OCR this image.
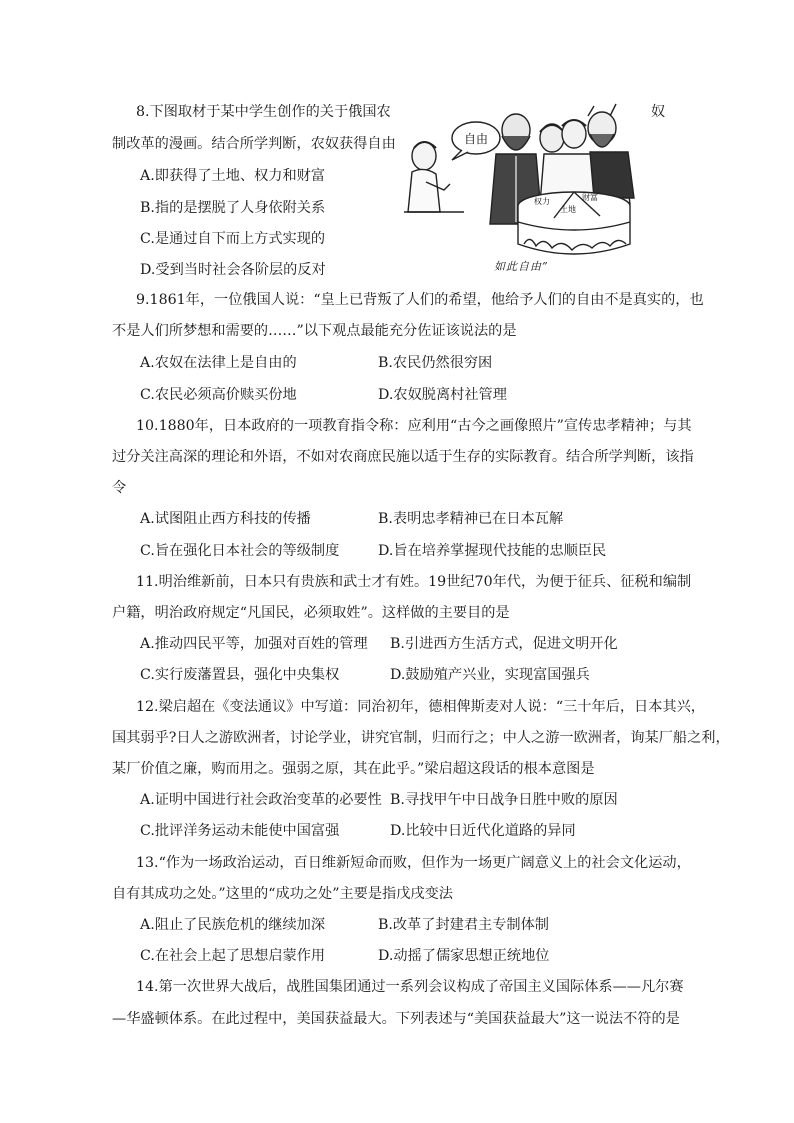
8.下图取材于某中学生创作的关于俄国农	奴
制改革的漫画。结合所学判断，农奴获得自由
A.即获得了土地、权力和财富
B.指的是摆脱了人身依附关系
C.是通过自下而上方式实现的
D.受到当时社会各阶层的反对
自由
权力	财富
土地
如此自由”
9.1861年，一位俄国人说：“皇上已背叛了人们的希望，他给予人们的自由不是真实的，也
不是人们所梦想和需要的……”以下观点最能充分佐证该说法的是
A.农奴在法律上是自由的	B.农民仍然很穷困
C.农民必须高价赎买份地	D.农奴脱离村社管理
10.1880年，日本政府的一项教育指令称：应利用“古今之画像照片”宣传忠孝精神；与其
过分关注高深的理论和外语，不如对农商庶民施以适于生存的实际教育。结合所学判断，该指
令
A.试图阻止西方科技的传播	B.表明忠孝精神已在日本瓦解
C.旨在强化日本社会的等级制度	D.旨在培养掌握现代技能的忠顺臣民
11.明治维新前，日本只有贵族和武士才有姓。19世纪70年代，为便于征兵、征税和编制
户籍，明治政府规定“凡国民，必须取姓”。这样做的主要目的是
A.推动四民平等，加强对百姓的管理 B.引进西方生活方式，促进文明开化
C.实行废藩置县，强化中央集权	D.鼓励殖产兴业，实现富国强兵
12.梁启超在《变法通议》中写道：同治初年，德相俾斯麦对人说：“三十年后，日本其兴，
国其弱乎?日人之游欧洲者，讨论学业，讲究官制，归而行之；中人之游一欧洲者，询某厂船之利，
某厂价值之廉，购而用之。强弱之原，其在此乎。”梁启超这段话的根本意图是
A.证明中国进行社会政治变革的必要性 B.寻找甲午中日战争日胜中败的原因
C.批评洋务运动未能使中国富强	D.比较中日近代化道路的异同
13.“作为一场政治运动，百日维新短命而败，但作为一场更广阔意义上的社会文化运动，
自有其成功之处。”这里的“成功之处”主要是指戊戌变法
A.阻止了民族危机的继续加深	B.改革了封建君主专制体制
C.在社会上起了思想启蒙作用	D.动摇了儒家思想正统地位
14.第一次世界大战后，战胜国集团通过一系列会议构成了帝国主义国际体系——凡尔赛
—华盛顿体系。在此过程中，美国获益最大。下列表述与“美国获益最大”这一说法不符的是
